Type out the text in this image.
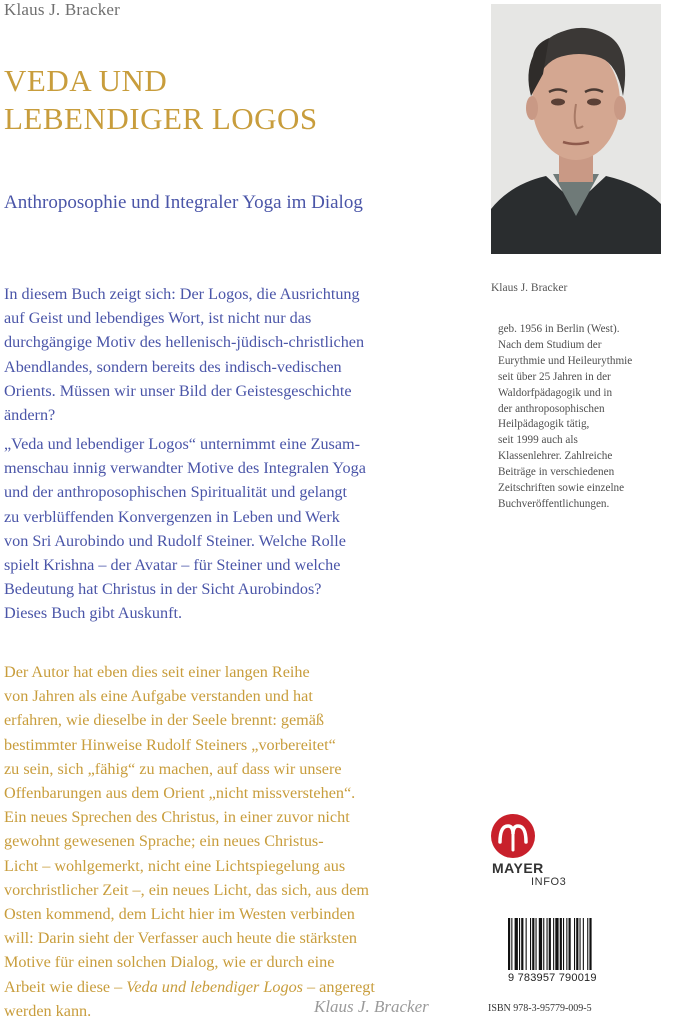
Klaus J. Bracker
VEDA UND
LEBENDIGER LOGOS
Anthroposophie und Integraler Yoga im Dialog
In diesem Buch zeigt sich: Der Logos, die Ausrichtung
auf Geist und lebendiges Wort, ist nicht nur das
durchgängige Motiv des hellenisch-jüdisch-christlichen
Abendlandes, sondern bereits des indisch-vedischen
Orients. Müssen wir unser Bild der Geistesgeschichte
ändern?
„Veda und lebendiger Logos“ unternimmt eine Zusam-
menschau innig verwandter Motive des Integralen Yoga
und der anthroposophischen Spiritualität und gelangt
zu verblüffenden Konvergenzen in Leben und Werk
von Sri Aurobindo und Rudolf Steiner. Welche Rolle
spielt Krishna – der Avatar – für Steiner und welche
Bedeutung hat Christus in der Sicht Aurobindos?
Dieses Buch gibt Auskunft.
Der Autor hat eben dies seit einer langen Reihe
von Jahren als eine Aufgabe verstanden und hat
erfahren, wie dieselbe in der Seele brennt: gemäß
bestimmter Hinweise Rudolf Steiners „vorbereitet“
zu sein, sich „fähig“ zu machen, auf dass wir unsere
Offenbarungen aus dem Orient „nicht missverstehen“.
Ein neues Sprechen des Christus, in einer zuvor nicht
gewohnt gewesenen Sprache; ein neues Christus-
Licht – wohlgemerkt, nicht eine Lichtspiegelung aus
vorchristlicher Zeit –, ein neues Licht, das sich, aus dem
Osten kommend, dem Licht hier im Westen verbinden
will: Darin sieht der Verfasser auch heute die stärksten
Motive für einen solchen Dialog, wie er durch eine
Arbeit wie diese – Veda und lebendiger Logos – angeregt
werden kann.	Klaus J. Bracker
Klaus J. Bracker
geb. 1956 in Berlin (West).
Nach dem Studium der
Eurythmie und Heileurythmie
seit über 25 Jahren in der
Waldorfpädagogik und in
der anthroposophischen
Heilpädagogik tätig,
seit 1999 auch als
Klassenlehrer. Zahlreiche
Beiträge in verschiedenen
Zeitschriften sowie einzelne
Buchveröffentlichungen.
MAYER
INFO3
9 783957 790019
ISBN 978-3-95779-009-5
